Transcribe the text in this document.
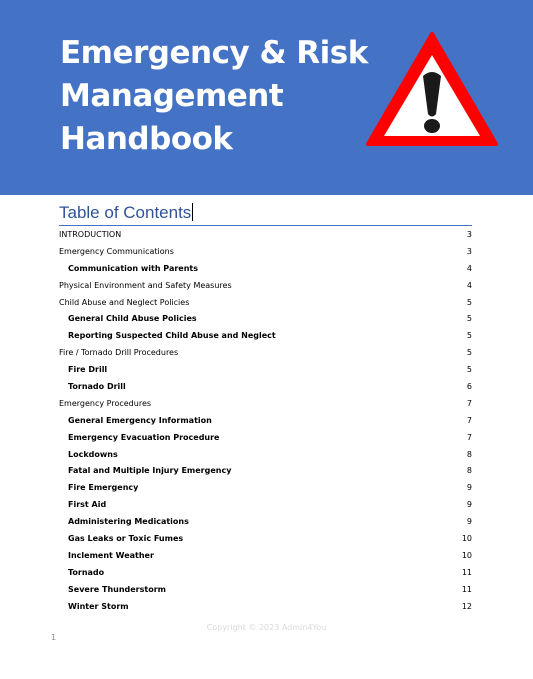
Emergency & Risk
Management
Handbook
Table of Contents
INTRODUCTION	3
Emergency Communications	3
Communication with Parents	4
Physical Environment and Safety Measures	4
Child Abuse and Neglect Policies	5
General Child Abuse Policies	5
Reporting Suspected Child Abuse and Neglect	5
Fire / Tornado Drill Procedures	5
Fire Drill	5
Tornado Drill	6
Emergency Procedures	7
General Emergency Information	7
Emergency Evacuation Procedure	7
Lockdowns	8
Fatal and Multiple Injury Emergency	8
Fire Emergency	9
First Aid	9
Administering Medications	9
Gas Leaks or Toxic Fumes	10
Inclement Weather	10
Tornado	11
Severe Thunderstorm	11
Winter Storm	12
Copyright © 2023 Admin4You
1
